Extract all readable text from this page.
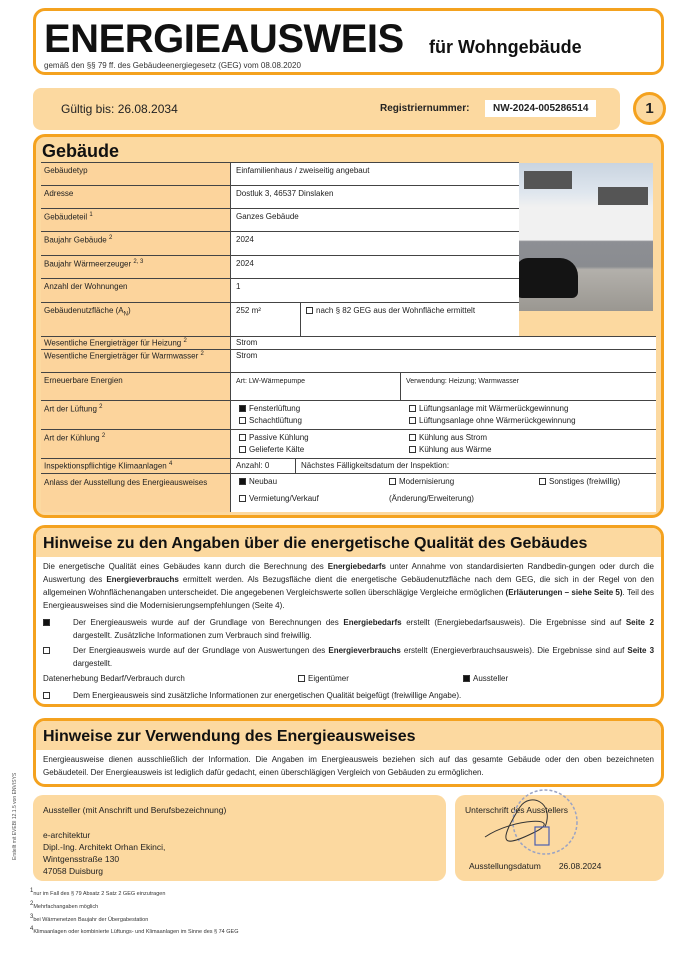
ENERGIEAUSWEIS für Wohngebäude
gemäß den §§ 79 ff. des Gebäudeenergiegesetz (GEG) vom 08.08.2020
Gültig bis: 26.08.2034	Registriernummer:	NW-2024-005286514	1
Gebäude
Gebäudetyp	Einfamilienhaus / zweiseitig angebaut
Adresse	Dostluk 3, 46537 Dinslaken
Gebäudeteil $^1$	Ganzes Gebäude
Baujahr Gebäude $^2$	2024
Baujahr Wärmeerzeuger $^{2, 3}$	2024
Anzahl der Wohnungen	1
Gebäudenutzfläche $(A_N)$	252 m²	nach § 82 GEG aus der Wohnfläche ermittelt
Wesentliche Energieträger für Heizung $^2$	Strom
Wesentliche Energieträger für Warmwasser $^2$	Strom
Erneuerbare Energien	Art: LW-Wärmepumpe	Verwendung: Heizung; Warmwasser
Art der Lüftung $^2$	Fensterlüftung	Lüftungsanlage mit Wärmerückgewinnung
Schachtlüftung	Lüftungsanlage ohne Wärmerückgewinnung
Art der Kühlung $^2$	Passive Kühlung	Kühlung aus Strom
Gelieferte Kälte	Kühlung aus Wärme
Inspektionspflichtige Klimaanlagen $^4$	Anzahl: 0	Nächstes Fälligkeitsdatum der Inspektion:
Anlass der Ausstellung des Energieausweises	Neubau	Modernisierung	Sonstiges (freiwillig)
Vermietung/Verkauf	(Änderung/Erweiterung)
Hinweise zu den Angaben über die energetische Qualität des Gebäudes
Die energetische Qualität eines Gebäudes kann durch die Berechnung des Energiebedarfs unter Annahme von standardisierten Randbedin-gungen oder durch die Auswertung des Energieverbrauchs ermittelt werden. Als Bezugsfläche dient die energetische Gebäudenutzfläche nach dem GEG, die sich in der Regel von den allgemeinen Wohnflächenangaben unterscheidet. Die angegebenen Vergleichswerte sollen überschlägige Vergleiche ermöglichen (Erläuterungen – siehe Seite 5). Teil des Energieausweises sind die Modernisierungsempfehlungen (Seite 4).
Der Energieausweis wurde auf der Grundlage von Berechnungen des Energiebedarfs erstellt (Energiebedarfsausweis). Die Ergebnisse sind auf Seite 2 dargestellt. Zusätzliche Informationen zum Verbrauch sind freiwillig.
Der Energieausweis wurde auf der Grundlage von Auswertungen des Energieverbrauchs erstellt (Energieverbrauchsausweis). Die Ergebnisse sind auf Seite 3 dargestellt.
Datenerhebung Bedarf/Verbrauch durch	Eigentümer	Aussteller
Dem Energieausweis sind zusätzliche Informationen zur energetischen Qualität beigefügt (freiwillige Angabe).
Hinweise zur Verwendung des Energieausweises
Energieausweise dienen ausschließlich der Information. Die Angaben im Energieausweis beziehen sich auf das gesamte Gebäude oder den oben bezeichneten Gebäudeteil. Der Energieausweis ist lediglich dafür gedacht, einen überschlägigen Vergleich von Gebäuden zu ermöglichen.
Aussteller (mit Anschrift und Berufsbezeichnung)
e-architektur
Dipl.-Ing. Architekt Orhan Ekinci,
Wintgensstraße 130
47058 Duisburg
Unterschrift des Ausstellers
Ausstellungsdatum 26.08.2024
$^1$nur im Fall des § 79 Absatz 2 Satz 2 GEG einzutragen
$^2$Mehrfachangaben möglich
$^3$bei Wärmenetzen Baujahr der Übergabestation
$^4$Klimaanlagen oder kombinierte Lüftungs- und Klimaanlagen im Sinne des § 74 GEG
Erstellt mit EVEBI 12.1.5 von ENVISYS
